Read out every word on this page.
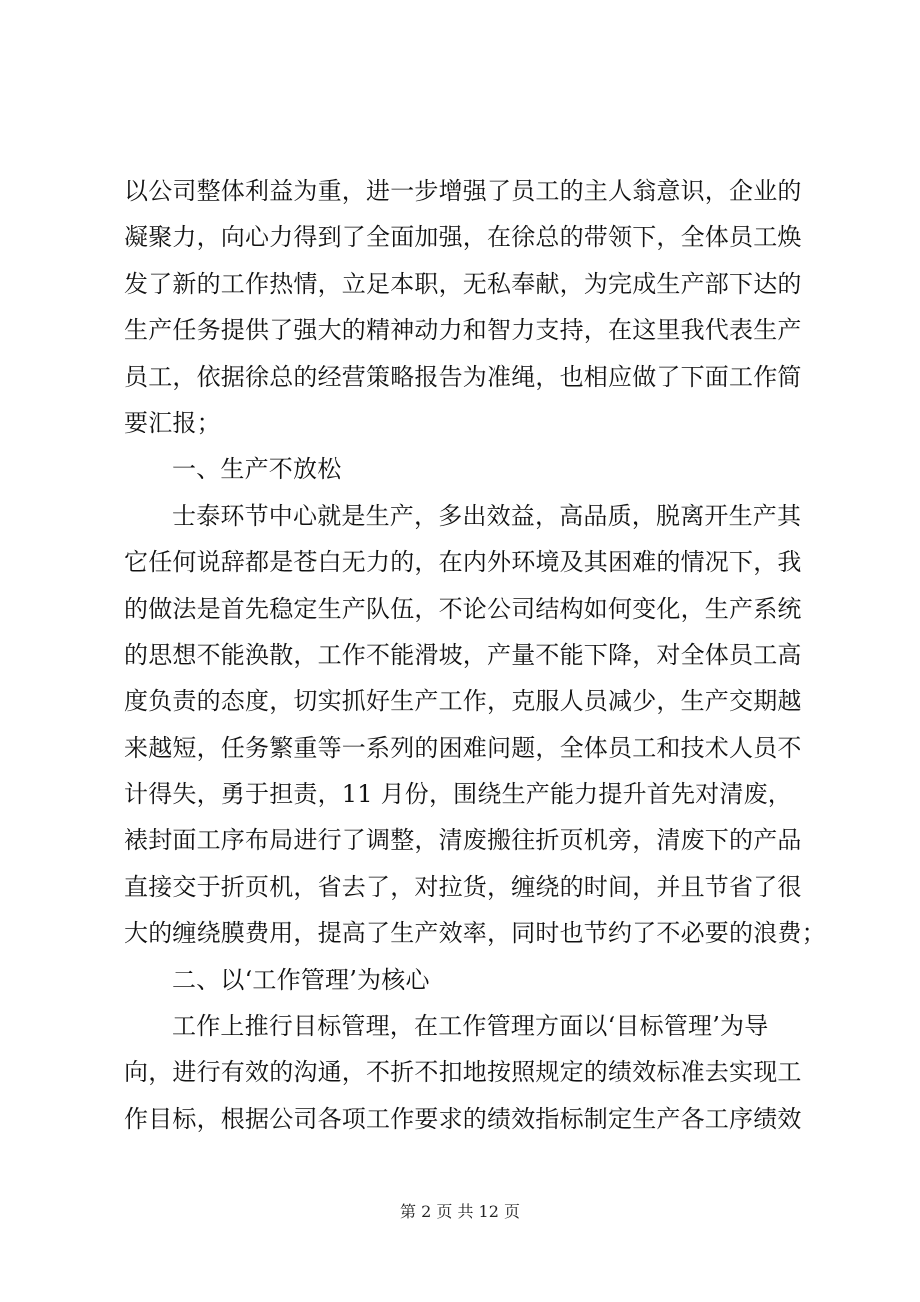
以公司整体利益为重，进一步增强了员工的主人翁意识，企业的
凝聚力，向心力得到了全面加强，在徐总的带领下，全体员工焕
发了新的工作热情，立足本职，无私奉献，为完成生产部下达的
生产任务提供了强大的精神动力和智力支持，在这里我代表生产
员工，依据徐总的经营策略报告为准绳，也相应做了下面工作简
要汇报；
一、生产不放松
士泰环节中心就是生产，多出效益，高品质，脱离开生产其
它任何说辞都是苍白无力的，在内外环境及其困难的情况下，我
的做法是首先稳定生产队伍，不论公司结构如何变化，生产系统
的思想不能涣散，工作不能滑坡，产量不能下降，对全体员工高
度负责的态度，切实抓好生产工作，克服人员减少，生产交期越
来越短，任务繁重等一系列的困难问题，全体员工和技术人员不
计得失，勇于担责，11 月份，围绕生产能力提升首先对清废，
裱封面工序布局进行了调整，清废搬往折页机旁，清废下的产品
直接交于折页机，省去了，对拉货，缠绕的时间，并且节省了很
大的缠绕膜费用，提高了生产效率，同时也节约了不必要的浪费；
二、以‘工作管理’为核心
工作上推行目标管理，在工作管理方面以‘目标管理’为导
向，进行有效的沟通，不折不扣地按照规定的绩效标准去实现工
作目标，根据公司各项工作要求的绩效指标制定生产各工序绩效
第 2 页 共 12 页
